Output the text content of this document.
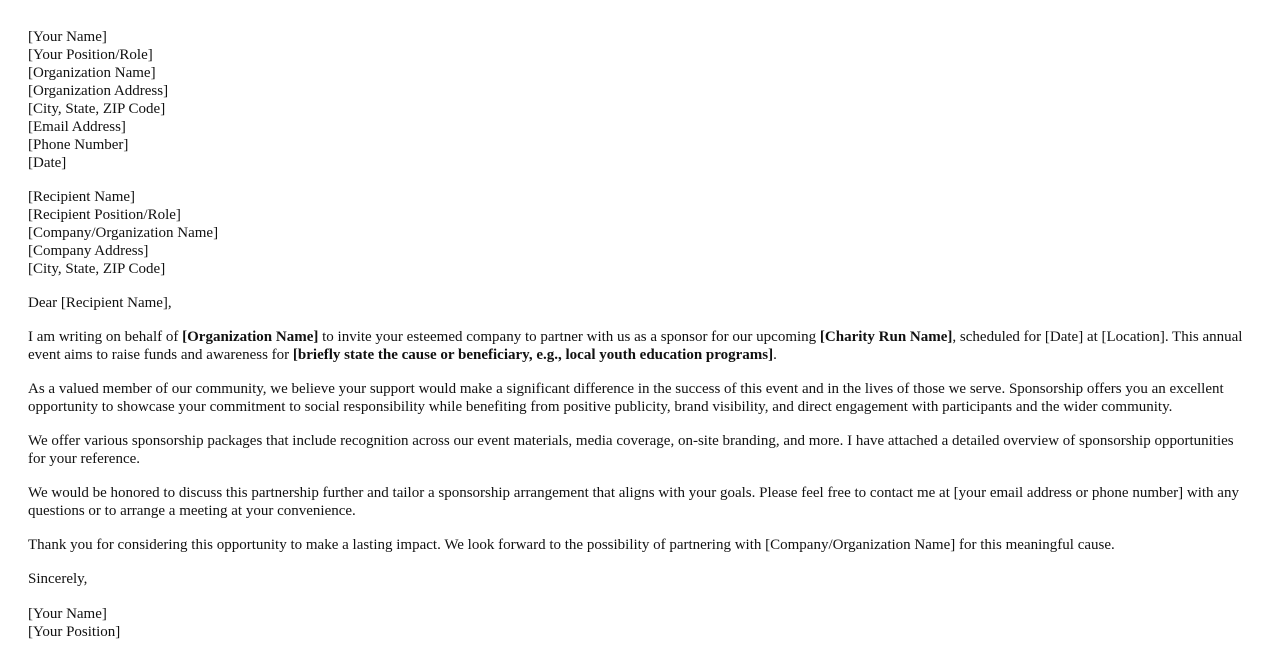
[Your Name]
[Your Position/Role]
[Organization Name]
[Organization Address]
[City, State, ZIP Code]
[Email Address]
[Phone Number]
[Date]
[Recipient Name]
[Recipient Position/Role]
[Company/Organization Name]
[Company Address]
[City, State, ZIP Code]

Dear [Recipient Name],

I am writing on behalf of [Organization Name] to invite your esteemed company to partner with us as a sponsor for our upcoming [Charity Run Name], scheduled for [Date] at [Location]. This annual event aims to raise funds and awareness for [briefly state the cause or beneficiary, e.g., local youth education programs].

As a valued member of our community, we believe your support would make a significant difference in the success of this event and in the lives of those we serve. Sponsorship offers you an excellent opportunity to showcase your commitment to social responsibility while benefiting from positive publicity, brand visibility, and direct engagement with participants and the wider community.

We offer various sponsorship packages that include recognition across our event materials, media coverage, on-site branding, and more. I have attached a detailed overview of sponsorship opportunities for your reference.

We would be honored to discuss this partnership further and tailor a sponsorship arrangement that aligns with your goals. Please feel free to contact me at [your email address or phone number] with any questions or to arrange a meeting at your convenience.

Thank you for considering this opportunity to make a lasting impact. We look forward to the possibility of partnering with [Company/Organization Name] for this meaningful cause.

Sincerely,

[Your Name]
[Your Position]
